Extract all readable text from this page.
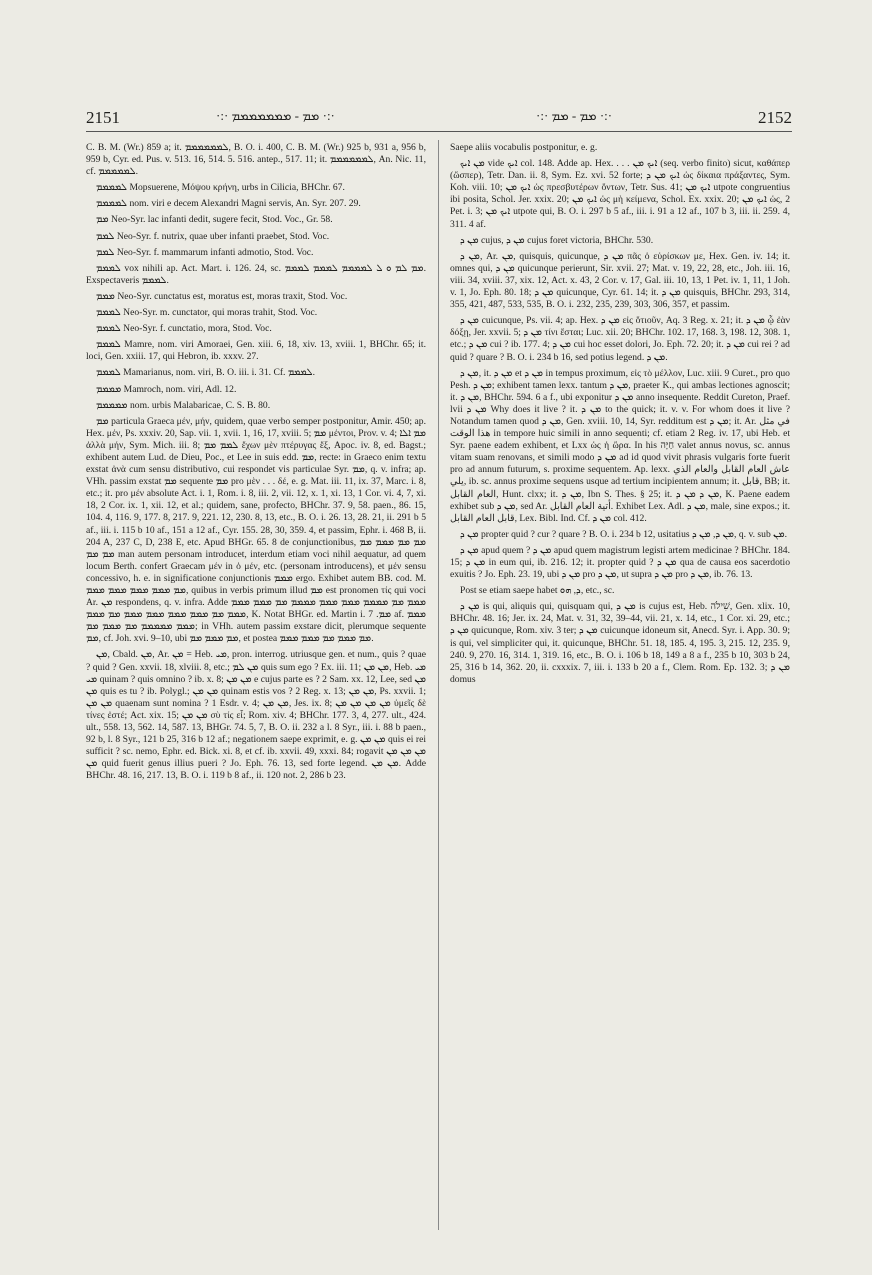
2151	·:· ܡܡ - ܡܡܡܡܡܡܡ ·:·	·:· ܡܡ - ܡܡ ·:·	2152

C. B. M. (Wr.) 859 a; it. ܠܡܡܡܡܡܡ, B. O. i. 400, C. B. M. (Wr.) 925 b, 931 a, 956 b, 959 b, Cyr. ed. Pus. v. 513. 16, 514. 5. 516. antep., 517. 11; it. ܠܡܡܡܡܡܡ, An. Nic. 11, cf. ܠܡܡܡܡܡ.

ܠܡܡܡܡ Mopsuerene, Μόψου κρήνη, urbs in Cilicia, BHChr. 67.

ܠܡܡܡܡ nom. viri e decem Alexandri Magni servis, An. Syr. 207. 29.

ܡܡ Neo-Syr. lac infanti dedit, sugere fecit, Stod. Voc., Gr. 58.

ܠܡܡ Neo-Syr. f. nutrix, quae uber infanti praebet, Stod. Voc.

ܠܡܡ Neo-Syr. f. mammarum infanti admotio, Stod. Voc.

ܠܡܡܡ vox nihili ap. Act. Mart. i. 126. 24, sc. ܡܡ ܠܡ ܘ ܠ ܠܡܡܡܡ ܠܡܡܡ ܠܡܡܡ. Exspectaveris ܠܡܡܡ.

ܡܡܡ Neo-Syr. cunctatus est, moratus est, moras traxit, Stod. Voc.

ܠܡܡܡ Neo-Syr. m. cunctator, qui moras trahit, Stod. Voc.

ܠܡܡܡ Neo-Syr. f. cunctatio, mora, Stod. Voc.

ܠܡܡܡ Mamre, nom. viri Amoraei, Gen. xiii. 6, 18, xiv. 13, xviii. 1, BHChr. 65; it. loci, Gen. xxiii. 17, qui Hebron, ib. xxxv. 27.

ܠܡܡܡ Mamarianus, nom. viri, B. O. iii. i. 31. Cf. ܠܡܡܡ.

ܡܡܡܡ Mamroch, nom. viri, Adl. 12.

ܡܡܡܡܡ nom. urbis Malabaricae, C. S. B. 80.

ܡܡ particula Graeca μέν, μήν, quidem, quae verbo semper postponitur, Amir. 450; ap. Hex. μέν, Ps. xxxiv. 20, Sap. vii. 1, xvii. 1, 16, 17, xviii. 5; ܡܡ μέντοι, Prov. v. 4; ܡܡ ܐܠܐ ἀλλὰ μήν, Sym. Mich. iii. 8; ܠܡܡ ܡܡ ἔχων μὲν πτέρυγας ἕξ, Apoc. iv. 8, ed. Bagst.; exhibent autem Lud. de Dieu, Poc., et Lee in suis edd. ܡܡ, recte: in Graeco enim textu exstat ἀνὰ cum sensu distributivo, cui respondet vis particulae Syr. ܡܡ, q. v. infra; ap. VHh. passim exstat ܡܡ sequente ܡܡ pro μὲν . . . δέ, e. g. Mat. iii. 11, ix. 37, Marc. i. 8, etc.; it. pro μέν absolute Act. i. 1, Rom. i. 8, iii. 2, vii. 12, x. 1, xi. 13, 1 Cor. vi. 4, 7, xi. 18, 2 Cor. ix. 1, xii. 12, et al.; quidem, sane, profecto, BHChr. 37. 9, 58. paen., 86. 15, 104. 4, 116. 9, 177. 8, 217. 9, 221. 12, 230. 8, 13, etc., B. O. i. 26. 13, 28. 21, ii. 291 b 5 af., iii. i. 115 b 10 af., 151 a 12 af., Cyr. 155. 28, 30, 359. 4, et passim, Ephr. i. 468 B, ii. 204 A, 237 C, D, 238 E, etc. Apud BHGr. 65. 8 de conjunctionibus, ܡܡ ܡܡ ܡܡܡ ܡܡ ܡܡ ܡܡ man autem personam introducet, interdum etiam voci nihil aequatur, ad quem locum Berth. confert Graecam μέν in ὁ μέν, etc. (personam introducens), et μέν sensu concessivo, h. e. in significatione conjunctionis ܡܡܡ ergo. Exhibet autem BB. cod. M. ܡܡ ܡܡܡ ܡܡܡ ܡܡܡ ܡܡܡ, quibus in verbis primum illud ܡܡ est pronomen τίς qui voci Ar. ܡܢ respondens, q. v. infra. Adde ܡܡܡ ܡܡ ܡܡܡܡ ܡܡܡ ܡܡܡ ܡܡܡܡ ܡܡ ܡܡܡ ܡܡܡ ܡܡܡ ܡܡ ܡܡܡ ܡܡܡ ܡܡܡ ܡܡܡ ܡܡ ܡܡܡ, K. Notat BHGr. ed. Martin i. ܡܡ. 7 af. ܡܡܡ ܡܡܡ ܡܡܡܡܡ ܡܡ ܡܡܡ ܡܡ; in VHh. autem passim exstare dicit, plerumque sequente ܡܡ, cf. Joh. xvi. 9–10, ubi ܡܡ ܡܡܡ ܡܡ, et postea ܡܡ ܡܡܡ ܡܡ ܡܡܡ ܡܡܡ.

ܡܢ, Cbald. ܡܢ, Ar. ܡܢ = Heb. ܡܝ, pron. interrog. utriusque gen. et num., quis ? quae ? quid ? Gen. xxvii. 18, xlviii. 8, etc.; ܡܢ ܠܡ quis sum ego ? Ex. iii. 11; ܡܢ ܡܢ, Heb. ܡܝ ܡܝ quinam ? quis omnino ? ib. x. 8; ܡܢ ܡܢ e cujus parte es ? 2 Sam. xx. 12, Lee, sed ܡܢ ܡܢ quis es tu ? ib. Polygl.; ܡܢ ܡܢ quinam estis vos ? 2 Reg. x. 13; ܡܢ ܡܢ, Ps. xxvii. 1; ܡܢ ܡܢ quaenam sunt nomina ? 1 Esdr. v. 4; ܡܢ ܡܢ, Jes. ix. 8; ܡܢ ܡܢ ܡܢ ܡܢ ὑμεῖς δὲ τίνες ἐστέ; Act. xix. 15; ܡܢ ܡܢ σὺ τίς εἶ; Rom. xiv. 4; BHChr. 177. 3, 4, 277. ult., 424. ult., 558. 13, 562. 14, 587. 13, BHGr. 74. 5, 7, B. O. ii. 232 a l. 8 Syr., iii. i. 88 b paen., 92 b, l. 8 Syr., 121 b 25, 316 b 12 af.; negationem saepe exprimit, e. g. ܡܢ ܡܢ quis ei rei sufficit ? sc. nemo, Ephr. ed. Bick. xi. 8, et cf. ib. xxvii. 49, xxxi. 84; rogavit ܡܢ ܡܢ ܡܢ ܡܢ quid fuerit genus illius pueri ? Jo. Eph. 76. 13, sed forte legend. ܡܢ ܡܢ. Adde BHChr. 48. 16, 217. 13, B. O. i. 119 b 8 af., ii. 120 not. 2, 286 b 23.

Saepe aliis vocabulis postponitur, e. g.

ܡܢ ܐܝܟ vide ܐܝܟ col. 148. Adde ap. Hex. . . . ܐܝܟ ܡܢ (seq. verbo finito) sicut, καθάπερ (ὥσπερ), Tetr. Dan. ii. 8, Sym. Ez. xvi. 52 forte; ܐܝܟ ܡܢ ܕ ὡς δίκαια πράξαντες, Sym. Koh. viii. 10; ܐܝܟ ܡܢ ὡς πρεσβυτέρων ὄντων, Tetr. Sus. 41; ܐܝܟ ܡܢ utpote congruentius ibi posita, Schol. Jer. xxix. 20; ܐܝܟ ܡܢ ὡς μὴ κείμενα, Schol. Ex. xxix. 20; ܐܝܟ ܡܢ ὡς, 2 Pet. i. 3; ܐܝܟ ܡܢ utpote qui, B. O. i. 297 b 5 af., iii. i. 91 a 12 af., 107 b 3, iii. ii. 259. 4, 311. 4 af.

ܡܢ ܕ cujus, ܡܢ ܕ cujus foret victoria, BHChr. 530.

ܡܢ ܕ, Ar. ܡܢ, quisquis, quicunque, ܡܢ ܕ πᾶς ὁ εὑρίσκων με, Hex. Gen. iv. 14; it. omnes qui, ܡܢ ܕ quicunque perierunt, Sir. xvii. 27; Mat. v. 19, 22, 28, etc., Joh. iii. 16, viii. 34, xviii. 37, xix. 12, Act. x. 43, 2 Cor. v. 17, Gal. iii. 10, 13, 1 Pet. iv. 1, 11, 1 Joh. v. 1, Jo. Eph. 80. 18; ܡܢ ܕ quicunque, Cyr. 61. 14; it. ܡܢ ܕ quisquis, BHChr. 293, 314, 355, 421, 487, 533, 535, B. O. i. 232, 235, 239, 303, 306, 357, et passim.

ܡܢ ܕ cuicunque, Ps. vii. 4; ap. Hex. ܡܢ ܕ εἰς ὅτιοῦν, Aq. 3 Reg. x. 21; it. ܡܢ ܕ ᾧ ἐὰν δόξῃ, Jer. xxvii. 5; ܡܢ ܕ τίνι ἔσται; Luc. xii. 20; BHChr. 102. 17, 168. 3, 198. 12, 308. 1, etc.; ܡܢ ܕ cui ? ib. 177. 4; ܡܢ ܕ cui hoc esset dolori, Jo. Eph. 72. 20; it. ܡܢ ܕ cui rei ? ad quid ? quare ? B. O. i. 234 b 16, sed potius legend. ܡܢ ܕ.

ܡܢ ܕ, it. ܡܢ ܕ et ܡܢ ܕ in tempus proximum, εἰς τὸ μέλλον, Luc. xiii. 9 Curet., pro quo Pesh. ܡܢ ܕ; exhibent tamen lexx. tantum ܡܢ ܕ, praeter K., qui ambas lectiones agnoscit; it. ܡܢ ܕ, BHChr. 594. 6 a f., ubi exponitur ܡܢ ܕ anno insequente. Reddit Cureton, Praef. lvii ܡܢ ܕ Why does it live ? it. ܡܢ ܕ to the quick; it. v. v. For whom does it live ? Notandum tamen quod ܡܢ ܕ, Gen. xviii. 10, 14, Syr. redditum est ܡܢ ܕ; it. Ar. في مثل هذا الوقت in tempore huic simili in anno sequenti; cf. etiam 2 Reg. iv. 17, ubi Heb. et Syr. paene eadem exhibent, et Lxx ὡς ἡ ὥρα. In his חַיָּה valet annus novus, sc. annus vitam suam renovans, et simili modo ܡܢ ܕ ad id quod vivit phrasis vulgaris forte fuerit pro ad annum futurum, s. proxime sequentem. Ap. lexx. عاش العام القابل والعام الذي يلي, ib. sc. annus proxime sequens usque ad tertium incipientem annum; it. قابل, BB; it. العام القابل, Hunt. clxx; it. ܡܢ ܕ, Ibn S. Thes. § 25; it. ܡܢ ܕ ܡܢ ܕ, K. Paene eadem exhibet sub ܡܢ ܕ, sed Ar. أتية العام القابل. Exhibet Lex. Adl. ܡܢ ܕ, male, sine expos.; it. قابل العام القابل, Lex. Bibl. Ind. Cf. ܡܢ ܕ col. 412.

ܡܢ ܕ propter quid ? cur ? quare ? B. O. i. 234 b 12, usitatius ܡܢ ܕ, ܡܢ ܕ, q. v. sub ܡܢ.

ܡܢ ܕ apud quem ? ܡܢ ܕ apud quem magistrum legisti artem medicinae ? BHChr. 184. 15; ܡܢ ܕ in eum qui, ib. 216. 12; it. propter quid ? ܡܢ ܕ qua de causa eos sacerdotio exuitis ? Jo. Eph. 23. 19, ubi ܡܢ ܕ pro ܡܢ ܕ, ut supra ܡܢ ܕ pro ܡܢ ܕ, ib. 76. 13.

Post se etiam saepe habet ܕ, ܗܘ, etc., sc.

ܡܢ ܕ is qui, aliquis qui, quisquam qui, ܡܢ ܕ is cujus est, Heb. שִׁילֹה, Gen. xlix. 10, BHChr. 48. 16; Jer. ix. 24, Mat. v. 31, 32, 39–44, vii. 21, x. 14, etc., 1 Cor. xi. 29, etc.; ܡܢ ܕ quicunque, Rom. xiv. 3 ter; ܡܢ ܕ cuicunque idoneum sit, Anecd. Syr. i. App. 30. 9; is qui, vel simpliciter qui, it. quicunque, BHChr. 51. 18, 185. 4, 195. 3, 215. 12, 235. 9, 240. 9, 270. 16, 314. 1, 319. 16, etc., B. O. i. 106 b 18, 149 a 8 a f., 235 b 10, 303 b 24, 25, 316 b 14, 362. 20, ii. cxxxix. 7, iii. i. 133 b 20 a f., Clem. Rom. Ep. 132. 3; ܡܢ ܕ domus
